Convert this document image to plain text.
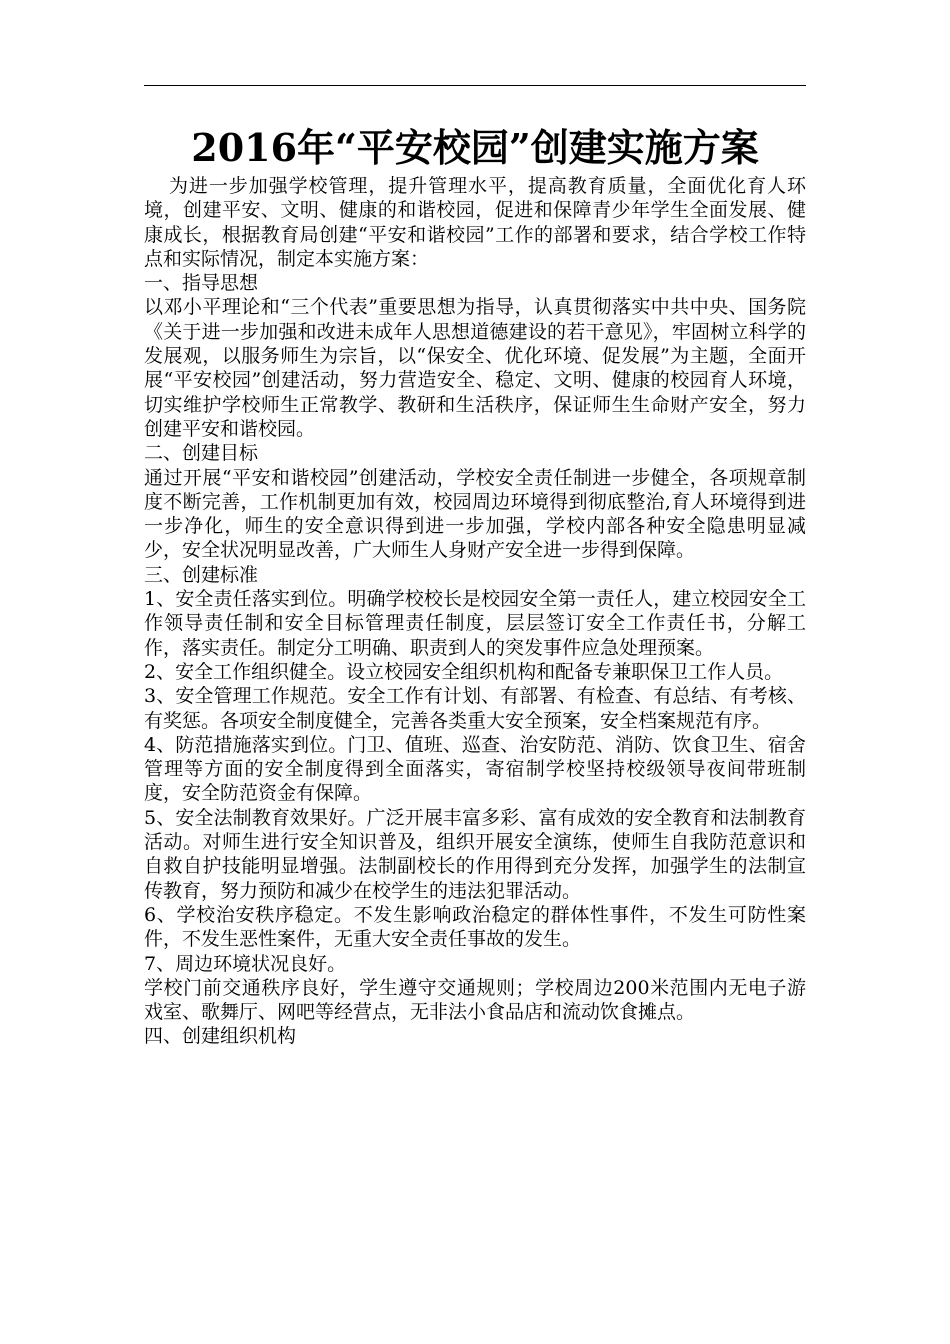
2016年“平安校园”创建实施方案

为进一步加强学校管理，提升管理水平，提高教育质量，全面优化育人环境，创建平安、文明、健康的和谐校园，促进和保障青少年学生全面发展、健康成长，根据教育局创建“平安和谐校园”工作的部署和要求，结合学校工作特点和实际情况，制定本实施方案：

一、指导思想

以邓小平理论和“三个代表”重要思想为指导，认真贯彻落实中共中央、国务院《关于进一步加强和改进未成年人思想道德建设的若干意见》，牢固树立科学的发展观，以服务师生为宗旨，以“保安全、优化环境、促发展”为主题，全面开展“平安校园”创建活动，努力营造安全、稳定、文明、健康的校园育人环境，切实维护学校师生正常教学、教研和生活秩序，保证师生生命财产安全，努力创建平安和谐校园。

二、创建目标

通过开展“平安和谐校园”创建活动，学校安全责任制进一步健全，各项规章制度不断完善，工作机制更加有效，校园周边环境得到彻底整治,育人环境得到进一步净化，师生的安全意识得到进一步加强，学校内部各种安全隐患明显减少，安全状况明显改善，广大师生人身财产安全进一步得到保障。

三、创建标准

1、安全责任落实到位。明确学校校长是校园安全第一责任人，建立校园安全工作领导责任制和安全目标管理责任制度，层层签订安全工作责任书，分解工作，落实责任。制定分工明确、职责到人的突发事件应急处理预案。

2、安全工作组织健全。设立校园安全组织机构和配备专兼职保卫工作人员。

3、安全管理工作规范。安全工作有计划、有部署、有检查、有总结、有考核、有奖惩。各项安全制度健全，完善各类重大安全预案，安全档案规范有序。

4、防范措施落实到位。门卫、值班、巡查、治安防范、消防、饮食卫生、宿舍管理等方面的安全制度得到全面落实，寄宿制学校坚持校级领导夜间带班制度，安全防范资金有保障。

5、安全法制教育效果好。广泛开展丰富多彩、富有成效的安全教育和法制教育活动。对师生进行安全知识普及，组织开展安全演练，使师生自我防范意识和自救自护技能明显增强。法制副校长的作用得到充分发挥，加强学生的法制宣传教育，努力预防和减少在校学生的违法犯罪活动。

6、学校治安秩序稳定。不发生影响政治稳定的群体性事件，不发生可防性案件，不发生恶性案件，无重大安全责任事故的发生。

7、周边环境状况良好。

学校门前交通秩序良好，学生遵守交通规则；学校周边200米范围内无电子游戏室、歌舞厅、网吧等经营点，无非法小食品店和流动饮食摊点。

四、创建组织机构
